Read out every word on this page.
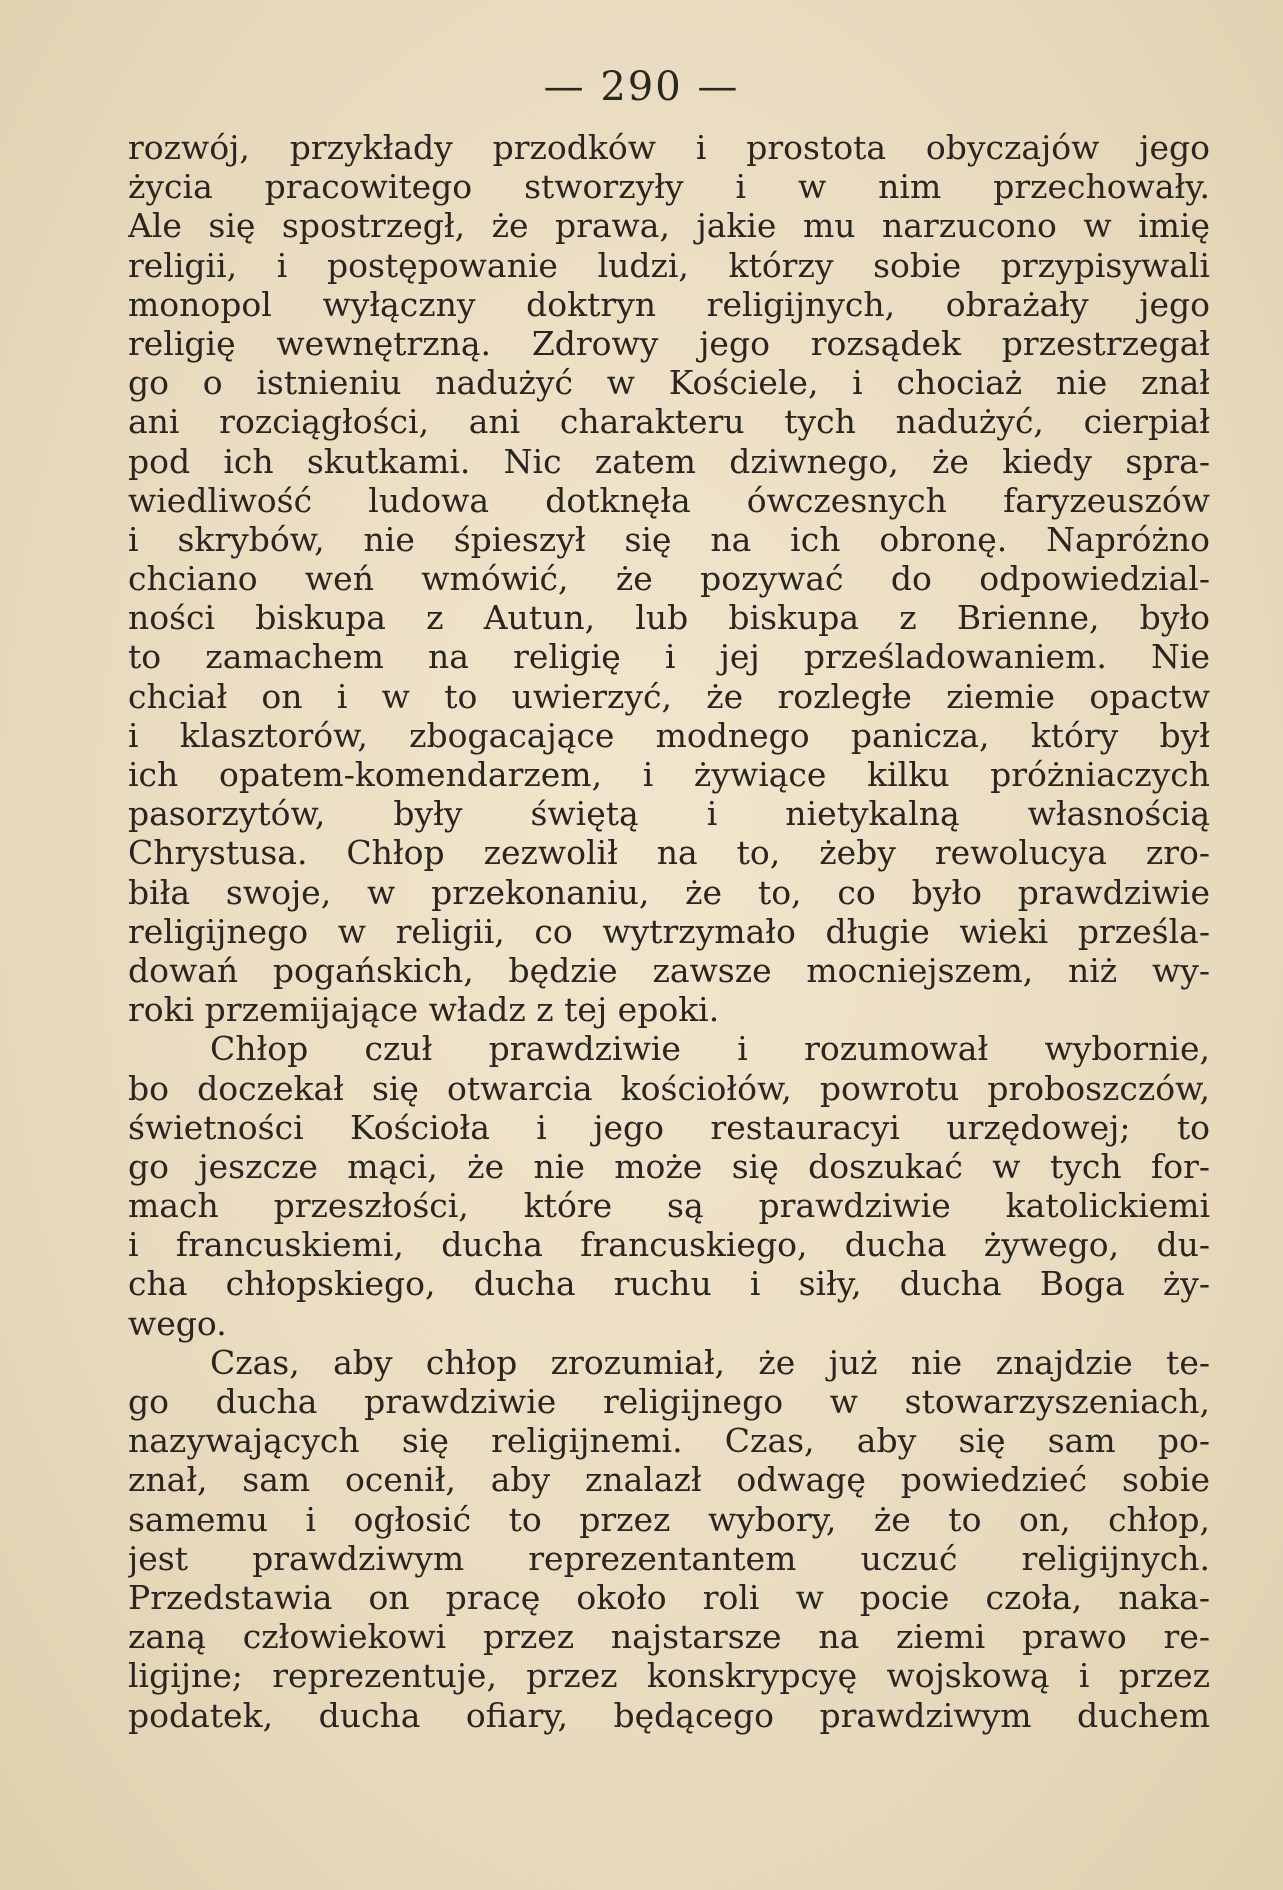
— 290 —
rozwój, przykłady przodków i prostota obyczajów jego
życia pracowitego stworzyły i w nim przechowały.
Ale się spostrzegł, że prawa, jakie mu narzucono w imię
religii, i postępowanie ludzi, którzy sobie przypisywali
monopol wyłączny doktryn religijnych, obrażały jego
religię wewnętrzną. Zdrowy jego rozsądek przestrzegał
go o istnieniu nadużyć w Kościele, i chociaż nie znał
ani rozciągłości, ani charakteru tych nadużyć, cierpiał
pod ich skutkami. Nic zatem dziwnego, że kiedy spra-
wiedliwość ludowa dotknęła ówczesnych faryzeuszów
i skrybów, nie śpieszył się na ich obronę. Napróżno
chciano weń wmówić, że pozywać do odpowiedzial-
ności biskupa z Autun, lub biskupa z Brienne, było
to zamachem na religię i jej prześladowaniem. Nie
chciał on i w to uwierzyć, że rozległe ziemie opactw
i klasztorów, zbogacające modnego panicza, który był
ich opatem-komendarzem, i żywiące kilku próżniaczych
pasorzytów, były świętą i nietykalną własnością
Chrystusa. Chłop zezwolił na to, żeby rewolucya zro-
biła swoje, w przekonaniu, że to, co było prawdziwie
religijnego w religii, co wytrzymało długie wieki prześla-
dowań pogańskich, będzie zawsze mocniejszem, niż wy-
roki przemijające władz z tej epoki.
Chłop czuł prawdziwie i rozumował wybornie,
bo doczekał się otwarcia kościołów, powrotu proboszczów,
świetności Kościoła i jego restauracyi urzędowej; to
go jeszcze mąci, że nie może się doszukać w tych for-
mach przeszłości, które są prawdziwie katolickiemi
i francuskiemi, ducha francuskiego, ducha żywego, du-
cha chłopskiego, ducha ruchu i siły, ducha Boga ży-
wego.
Czas, aby chłop zrozumiał, że już nie znajdzie te-
go ducha prawdziwie religijnego w stowarzyszeniach,
nazywających się religijnemi. Czas, aby się sam po-
znał, sam ocenił, aby znalazł odwagę powiedzieć sobie
samemu i ogłosić to przez wybory, że to on, chłop,
jest prawdziwym reprezentantem uczuć religijnych.
Przedstawia on pracę około roli w pocie czoła, naka-
zaną człowiekowi przez najstarsze na ziemi prawo re-
ligijne; reprezentuje, przez konskrypcyę wojskową i przez
podatek, ducha ofiary, będącego prawdziwym duchem
